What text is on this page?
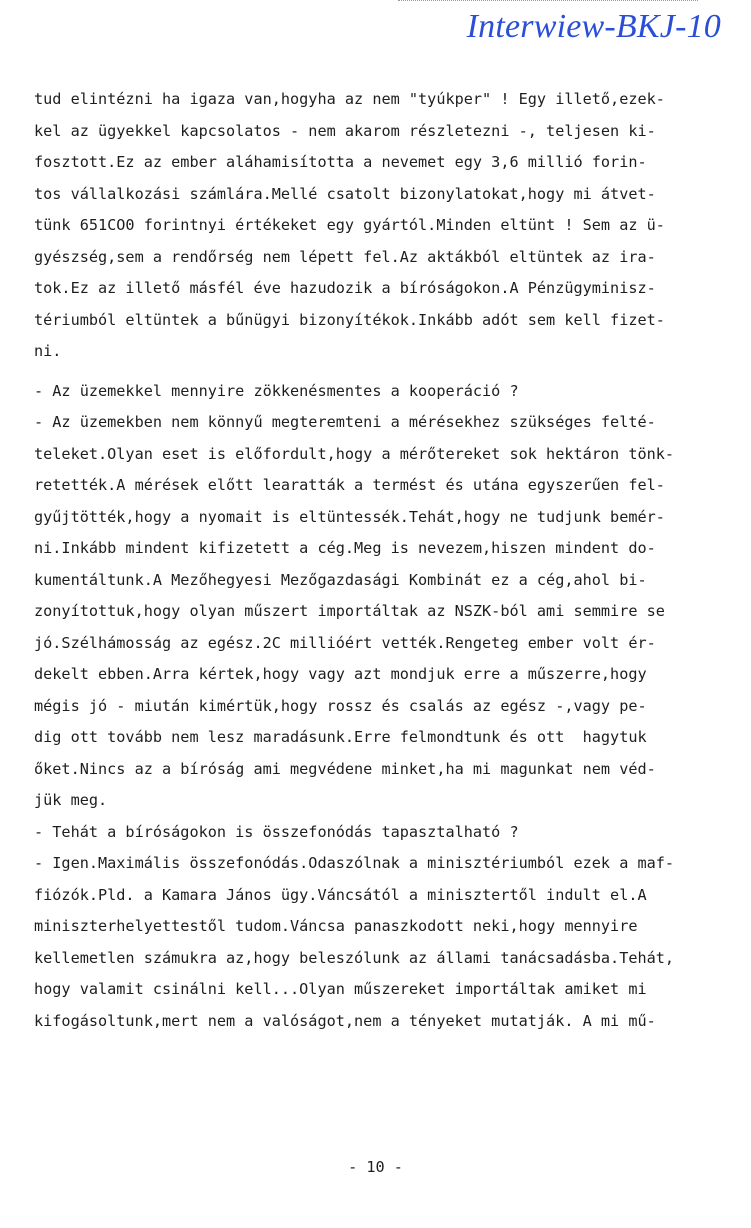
Interwiew-BKJ-10
tud elintézni ha igaza van,hogyha az nem "tyúkper" ! Egy illető,ezek-
kel az ügyekkel kapcsolatos - nem akarom részletezni -, teljesen ki-
fosztott.Ez az ember aláhamisította a nevemet egy 3,6 millió forin-
tos vállalkozási számlára.Mellé csatolt bizonylatokat,hogy mi átvet-
tünk 651CO0 forintnyi értékeket egy gyártól.Minden eltünt ! Sem az ü-
gyészség,sem a rendőrség nem lépett fel.Az aktákból eltüntek az ira-
tok.Ez az illető másfél éve hazudozik a bíróságokon.A Pénzügyminisz-
tériumból eltüntek a bűnügyi bizonyítékok.Inkább adót sem kell fizet-
ni.
- Az üzemekkel mennyire zökkenésmentes a kooperáció ?
- Az üzemekben nem könnyű megteremteni a mérésekhez szükséges felté-
teleket.Olyan eset is előfordult,hogy a mérőtereket sok hektáron tönk-
retették.A mérések előtt learatták a termést és utána egyszerűen fel-
gyűjtötték,hogy a nyomait is eltüntessék.Tehát,hogy ne tudjunk bemér-
ni.Inkább mindent kifizetett a cég.Meg is nevezem,hiszen mindent do-
kumentáltunk.A Mezőhegyesi Mezőgazdasági Kombinát ez a cég,ahol bi-
zonyítottuk,hogy olyan műszert importáltak az NSZK-ból ami semmire se
jó.Szélhámosság az egész.2C millióért vették.Rengeteg ember volt ér-
dekelt ebben.Arra kértek,hogy vagy azt mondjuk erre a műszerre,hogy
mégis jó - miután kimértük,hogy rossz és csalás az egész -,vagy pe-
dig ott tovább nem lesz maradásunk.Erre felmondtunk és ott  hagytuk
őket.Nincs az a bíróság ami megvédene minket,ha mi magunkat nem véd-
jük meg.
- Tehát a bíróságokon is összefonódás tapasztalható ?
- Igen.Maximális összefonódás.Odaszólnak a minisztériumból ezek a maf-
fiózók.Pld. a Kamara János ügy.Váncsától a minisztertől indult el.A
miniszterhelyettestől tudom.Váncsa panaszkodott neki,hogy mennyire
kellemetlen számukra az,hogy beleszólunk az állami tanácsadásba.Tehát,
hogy valamit csinálni kell...Olyan műszereket importáltak amiket mi
kifogásoltunk,mert nem a valóságot,nem a tényeket mutatják. A mi mű-
- 10 -
